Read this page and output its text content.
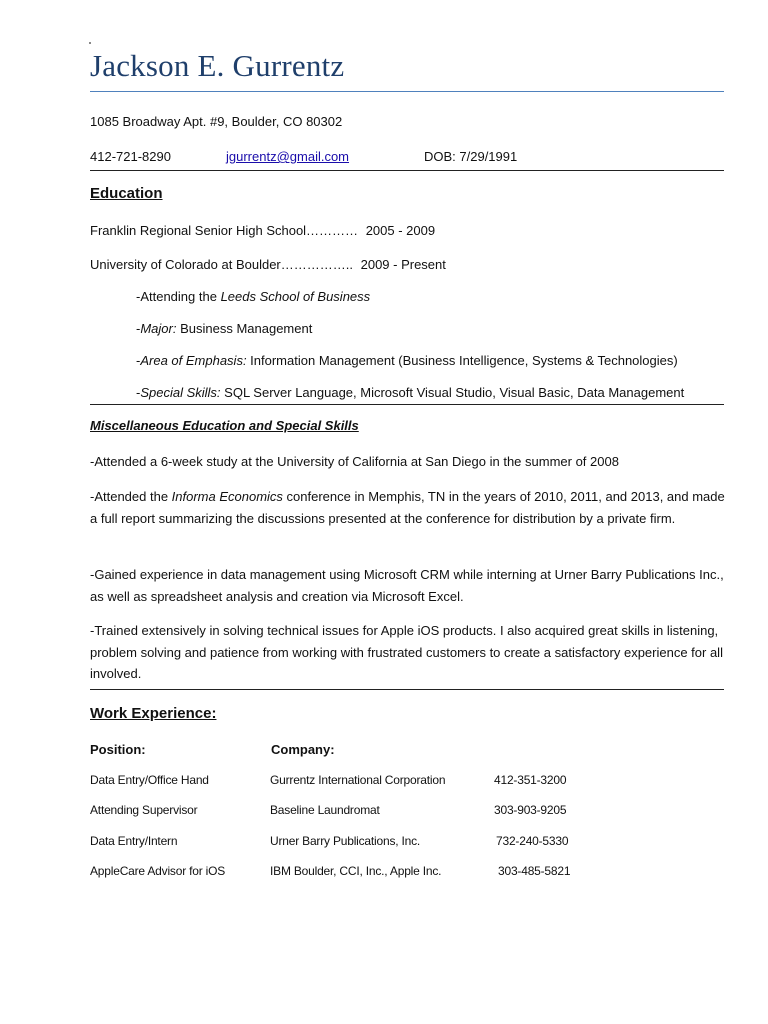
Jackson E. Gurrentz
1085 Broadway Apt. #9, Boulder, CO 80302
412-721-8290	jgurrentz@gmail.com	DOB: 7/29/1991
Education
Franklin Regional Senior High School………… 2005 - 2009
University of Colorado at Boulder…………….. 2009 - Present
-Attending the Leeds School of Business
-Major: Business Management
-Area of Emphasis: Information Management (Business Intelligence, Systems & Technologies)
-Special Skills: SQL Server Language, Microsoft Visual Studio, Visual Basic, Data Management
Miscellaneous Education and Special Skills
-Attended a 6-week study at the University of California at San Diego in the summer of 2008
-Attended the Informa Economics conference in Memphis, TN in the years of 2010, 2011, and 2013, and made a full report summarizing the discussions presented at the conference for distribution by a private firm.
-Gained experience in data management using Microsoft CRM while interning at Urner Barry Publications Inc., as well as spreadsheet analysis and creation via Microsoft Excel.
-Trained extensively in solving technical issues for Apple iOS products. I also acquired great skills in listening, problem solving and patience from working with frustrated customers to create a satisfactory experience for all involved.
Work Experience:
Position:	Company:
Data Entry/Office Hand	Gurrentz International Corporation	412-351-3200
Attending Supervisor	Baseline Laundromat	303-903-9205
Data Entry/Intern	Urner Barry Publications, Inc.	732-240-5330
AppleCare Advisor for iOS	IBM Boulder, CCI, Inc., Apple Inc.	303-485-5821
